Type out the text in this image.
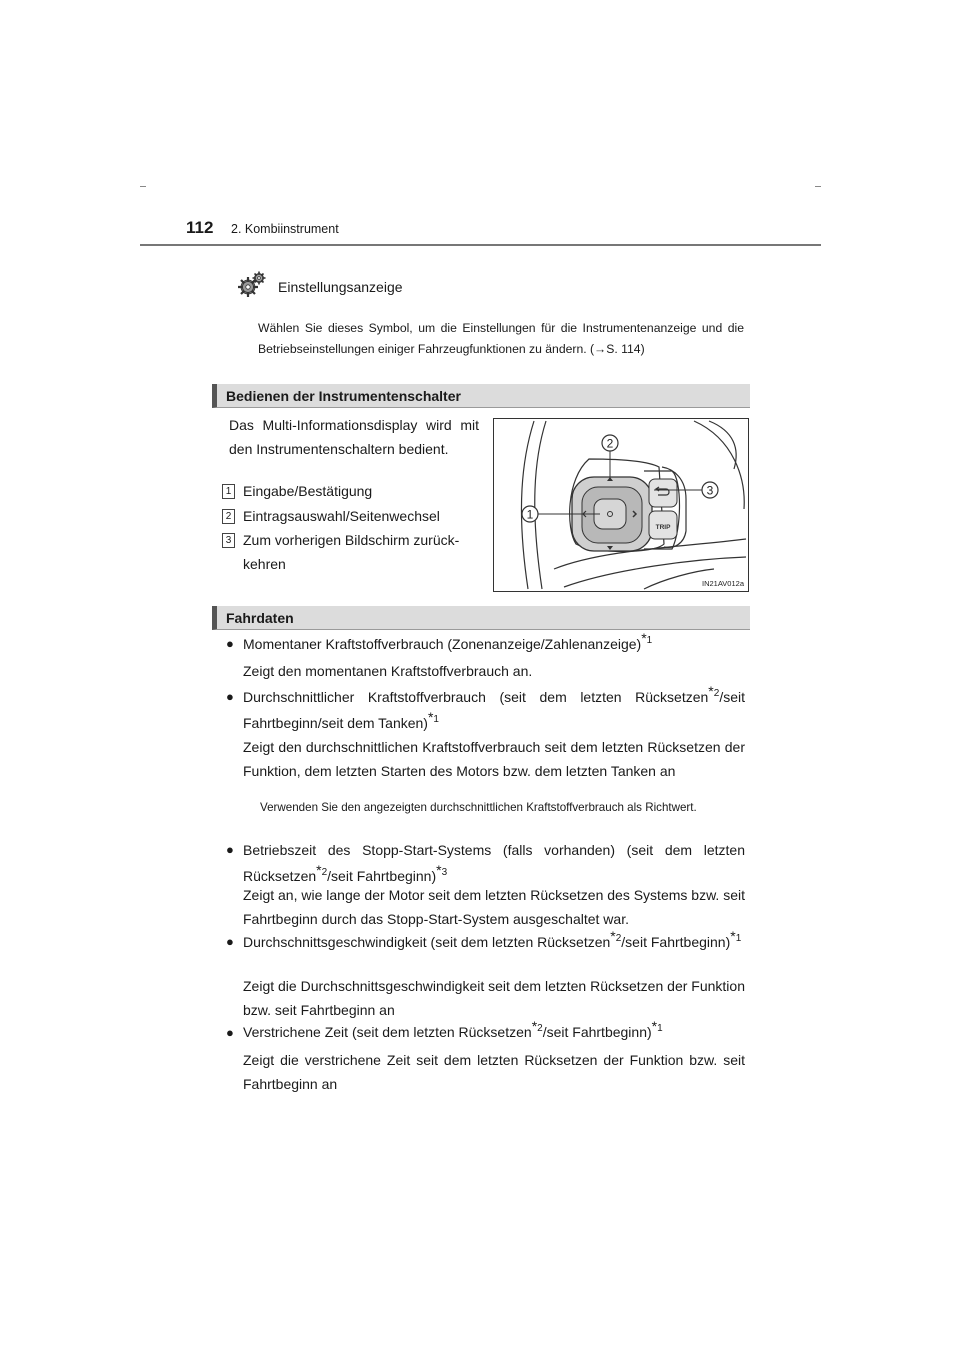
112 2. Kombiinstrument
Einstellungsanzeige
Wählen Sie dieses Symbol, um die Einstellungen für die Instrumentenanzeige und die Betriebseinstellungen einiger Fahrzeugfunktionen zu ändern. (→S. 114)
Bedienen der Instrumentenschalter
Das Multi-Informationsdisplay wird mit den Instrumentenschaltern bedient.
1 Eingabe/Bestätigung
2 Eintragsauswahl/Seitenwechsel
3 Zum vorherigen Bildschirm zurückkehren
TRIP
2
1
3
IN21AV012a
Fahrdaten
● Momentaner Kraftstoffverbrauch (Zonenanzeige/Zahlenanzeige)$^{*1}$
Zeigt den momentanen Kraftstoffverbrauch an.
● Durchschnittlicher Kraftstoffverbrauch (seit dem letzten Rücksetzen$^{*2}$/seit Fahrtbeginn/seit dem Tanken)$^{*1}$
Zeigt den durchschnittlichen Kraftstoffverbrauch seit dem letzten Rücksetzen der Funktion, dem letzten Starten des Motors bzw. dem letzten Tanken an
Verwenden Sie den angezeigten durchschnittlichen Kraftstoffverbrauch als Richtwert.
● Betriebszeit des Stopp-Start-Systems (falls vorhanden) (seit dem letzten Rücksetzen$^{*2}$/seit Fahrtbeginn)$^{*3}$
Zeigt an, wie lange der Motor seit dem letzten Rücksetzen des Systems bzw. seit Fahrtbeginn durch das Stopp-Start-System ausgeschaltet war.
● Durchschnittsgeschwindigkeit (seit dem letzten Rücksetzen$^{*2}$/seit Fahrtbeginn)$^{*1}$
Zeigt die Durchschnittsgeschwindigkeit seit dem letzten Rücksetzen der Funktion bzw. seit Fahrtbeginn an
● Verstrichene Zeit (seit dem letzten Rücksetzen$^{*2}$/seit Fahrtbeginn)$^{*1}$
Zeigt die verstrichene Zeit seit dem letzten Rücksetzen der Funktion bzw. seit Fahrtbeginn an
